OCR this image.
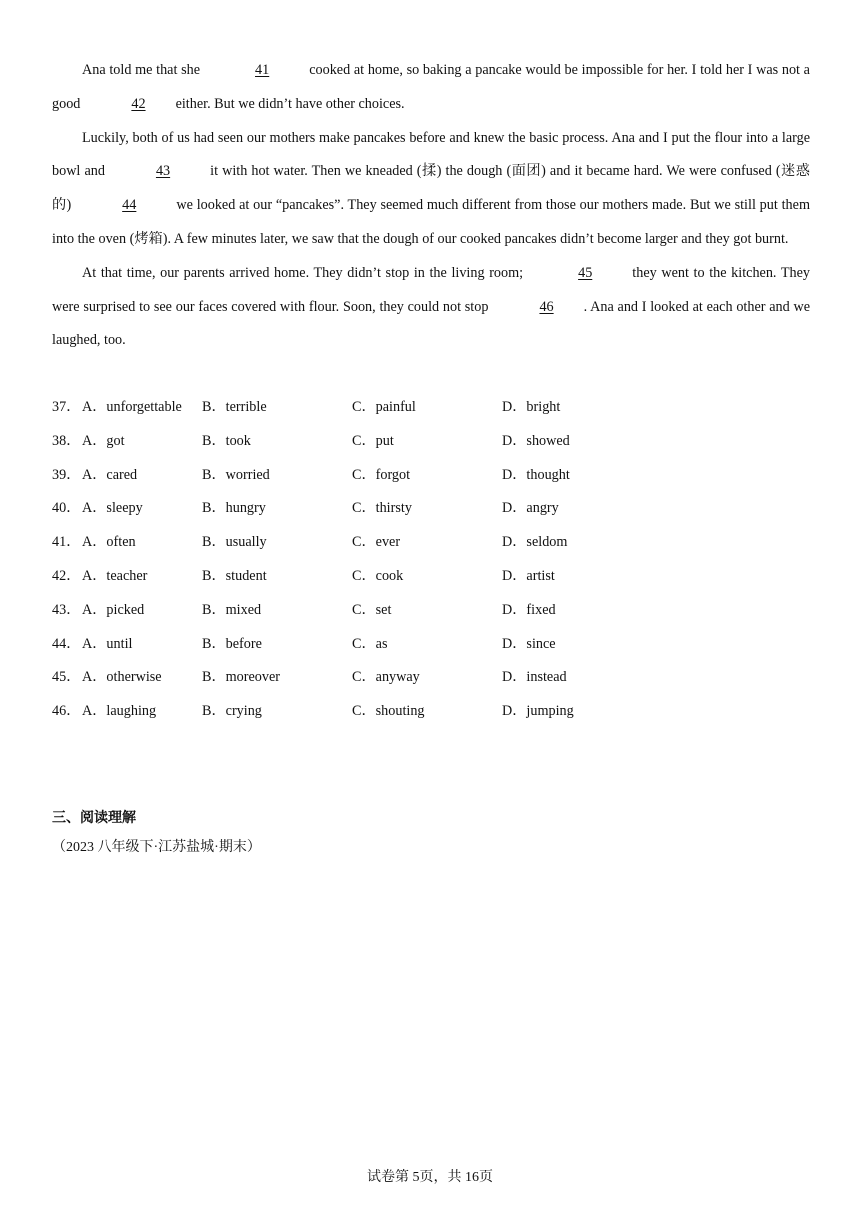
Ana told me that she	41	cooked at home, so baking a pancake would be impossible for her. I told her I was not a good	42 either. But we didn’t have other choices.

Luckily, both of us had seen our mothers make pancakes before and knew the basic process. Ana and I put the flour into a large bowl and	43	it with hot water. Then we kneaded (揉) the dough (面团) and it became hard. We were confused (迷惑的)	44	we looked at our “pancakes”. They seemed much different from those our mothers made. But we still put them into the oven (烤箱). A few minutes later, we saw that the dough of our cooked pancakes didn’t become larger and they got burnt.

At that time, our parents arrived home. They didn’t stop in the living room;	45	they went to the kitchen. They were surprised to see our faces covered with flour. Soon, they could not stop	46 . Ana and I looked at each other and we laughed, too.

37． A．unforgettable B．terrible	C．painful	D．bright
38． A．got	B．took	C．put	D．showed
39． A．cared	B．worried	C．forgot	D．thought
40． A．sleepy	B．hungry	C．thirsty	D．angry
41． A．often	B．usually	C．ever	D．seldom
42． A．teacher	B．student	C．cook	D．artist
43． A．picked	B．mixed	C．set	D．fixed
44． A．until	B．before	C．as	D．since
45． A．otherwise	B．moreover	C．anyway	D．instead
46． A．laughing	B．crying	C．shouting	D．jumping
三、阅读理解
（2023 八年级下·江苏盐城·期末）
试卷第 5页，共 16页
